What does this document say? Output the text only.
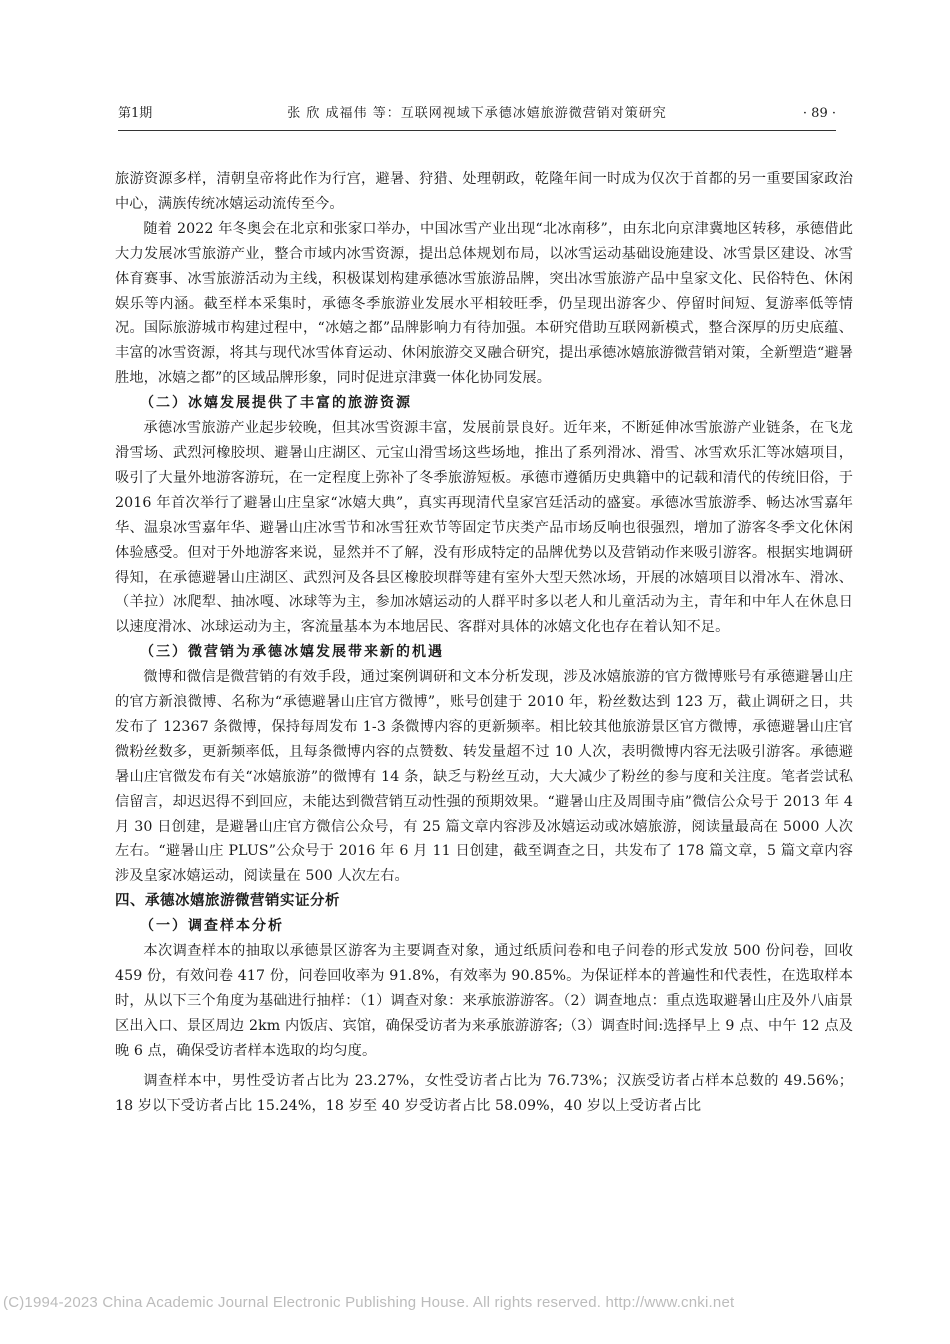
第1期	张 欣 成福伟 等：互联网视域下承德冰嬉旅游微营销对策研究	· 89 ·

旅游资源多样，清朝皇帝将此作为行宫，避暑、狩猎、处理朝政，乾隆年间一时成为仅次于首都的另一重要国家政治中心，满族传统冰嬉运动流传至今。

随着 2022 年冬奥会在北京和张家口举办，中国冰雪产业出现“北冰南移”，由东北向京津冀地区转移，承德借此大力发展冰雪旅游产业，整合市域内冰雪资源，提出总体规划布局，以冰雪运动基础设施建设、冰雪景区建设、冰雪体育赛事、冰雪旅游活动为主线，积极谋划构建承德冰雪旅游品牌，突出冰雪旅游产品中皇家文化、民俗特色、休闲娱乐等内涵。截至样本采集时，承德冬季旅游业发展水平相较旺季，仍呈现出游客少、停留时间短、复游率低等情况。国际旅游城市构建过程中，“冰嬉之都”品牌影响力有待加强。本研究借助互联网新模式，整合深厚的历史底蕴、丰富的冰雪资源，将其与现代冰雪体育运动、休闲旅游交叉融合研究，提出承德冰嬉旅游微营销对策，全新塑造“避暑胜地，冰嬉之都”的区域品牌形象，同时促进京津冀一体化协同发展。

（二）冰嬉发展提供了丰富的旅游资源

承德冰雪旅游产业起步较晚，但其冰雪资源丰富，发展前景良好。近年来，不断延伸冰雪旅游产业链条，在飞龙滑雪场、武烈河橡胶坝、避暑山庄湖区、元宝山滑雪场这些场地，推出了系列滑冰、滑雪、冰雪欢乐汇等冰嬉项目，吸引了大量外地游客游玩，在一定程度上弥补了冬季旅游短板。承德市遵循历史典籍中的记载和清代的传统旧俗，于 2016 年首次举行了避暑山庄皇家“冰嬉大典”，真实再现清代皇家宫廷活动的盛宴。承德冰雪旅游季、畅达冰雪嘉年华、温泉冰雪嘉年华、避暑山庄冰雪节和冰雪狂欢节等固定节庆类产品市场反响也很强烈，增加了游客冬季文化休闲体验感受。但对于外地游客来说，显然并不了解，没有形成特定的品牌优势以及营销动作来吸引游客。根据实地调研得知，在承德避暑山庄湖区、武烈河及各县区橡胶坝群等建有室外大型天然冰场，开展的冰嬉项目以滑冰车、滑冰、（羊拉）冰爬犁、抽冰嘎、冰球等为主，参加冰嬉运动的人群平时多以老人和儿童活动为主，青年和中年人在休息日以速度滑冰、冰球运动为主，客流量基本为本地居民、客群对具体的冰嬉文化也存在着认知不足。

（三）微营销为承德冰嬉发展带来新的机遇

微博和微信是微营销的有效手段，通过案例调研和文本分析发现，涉及冰嬉旅游的官方微博账号有承德避暑山庄的官方新浪微博、名称为“承德避暑山庄官方微博”，账号创建于 2010 年，粉丝数达到 123 万，截止调研之日，共发布了 12367 条微博，保持每周发布 1-3 条微博内容的更新频率。相比较其他旅游景区官方微博，承德避暑山庄官微粉丝数多，更新频率低，且每条微博内容的点赞数、转发量超不过 10 人次，表明微博内容无法吸引游客。承德避暑山庄官微发布有关“冰嬉旅游”的微博有 14 条，缺乏与粉丝互动，大大减少了粉丝的参与度和关注度。笔者尝试私信留言，却迟迟得不到回应，未能达到微营销互动性强的预期效果。“避暑山庄及周围寺庙”微信公众号于 2013 年 4 月 30 日创建，是避暑山庄官方微信公众号，有 25 篇文章内容涉及冰嬉运动或冰嬉旅游，阅读量最高在 5000 人次左右。“避暑山庄 PLUS”公众号于 2016 年 6 月 11 日创建，截至调查之日，共发布了 178 篇文章，5 篇文章内容涉及皇家冰嬉运动，阅读量在 500 人次左右。

四、承德冰嬉旅游微营销实证分析
（一）调查样本分析

本次调查样本的抽取以承德景区游客为主要调查对象，通过纸质问卷和电子问卷的形式发放 500 份问卷，回收 459 份，有效问卷 417 份，问卷回收率为 91.8%，有效率为 90.85%。为保证样本的普遍性和代表性，在选取样本时，从以下三个角度为基础进行抽样：（1）调查对象：来承旅游游客。（2）调查地点：重点选取避暑山庄及外八庙景区出入口、景区周边 2km 内饭店、宾馆，确保受访者为来承旅游游客;（3）调查时间:选择早上 9 点、中午 12 点及晚 6 点，确保受访者样本选取的均匀度。

调查样本中，男性受访者占比为 23.27%，女性受访者占比为 76.73%；汉族受访者占样本总数的 49.56%；18 岁以下受访者占比 15.24%，18 岁至 40 岁受访者占比 58.09%，40 岁以上受访者占比

(C)1994-2023 China Academic Journal Electronic Publishing House. All rights reserved. http://www.cnki.net
